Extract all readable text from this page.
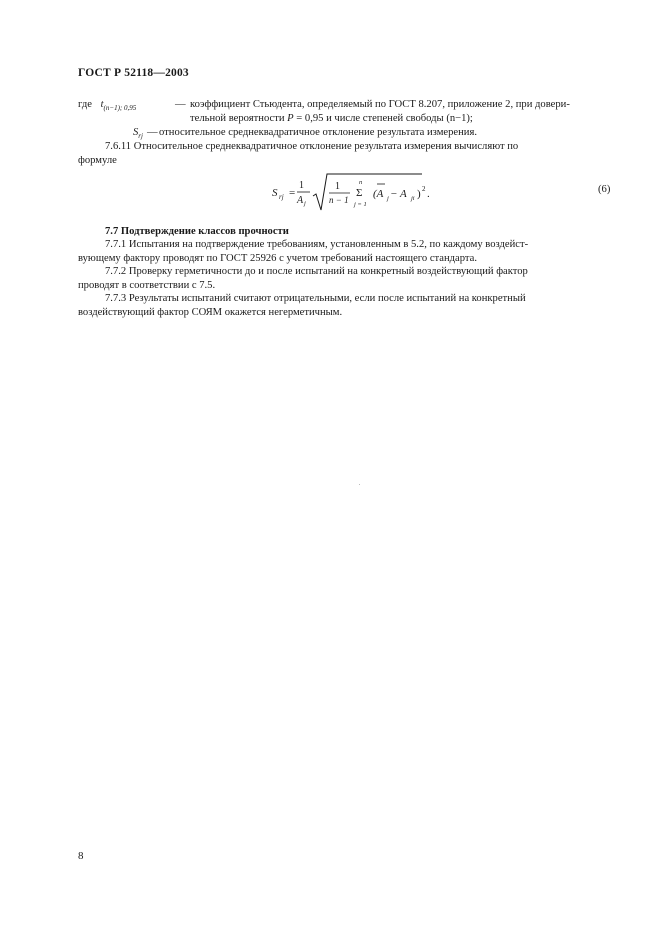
ГОСТ Р 52118—2003
где $t_{(n-1); 0,95}$	— коэффициент Стьюдента, определяемый по ГОСТ 8.207, приложение 2, при довери-
тельной вероятности P = 0,95 и числе степеней свободы (n−1);
$S_{rj}$ — относительное среднеквадратичное отклонение результата измерения.
7.6.11 Относительное среднеквадратичное отклонение результата измерения вычисляют по
формуле
S rj =
1
A j
1
n − 1
n
Σ
j = 1
(A j − A ji ) 2 .	(6)
7.7 Подтверждение классов прочности
7.7.1 Испытания на подтверждение требованиям, установленным в 5.2, по каждому воздейст-
вующему фактору проводят по ГОСТ 25926 с учетом требований настоящего стандарта.
7.7.2 Проверку герметичности до и после испытаний на конкретный воздействующий фактор
проводят в соответствии с 7.5.
7.7.3 Результаты испытаний считают отрицательными, если после испытаний на конкретный
воздействующий фактор СОЯМ окажется негерметичным.
8
